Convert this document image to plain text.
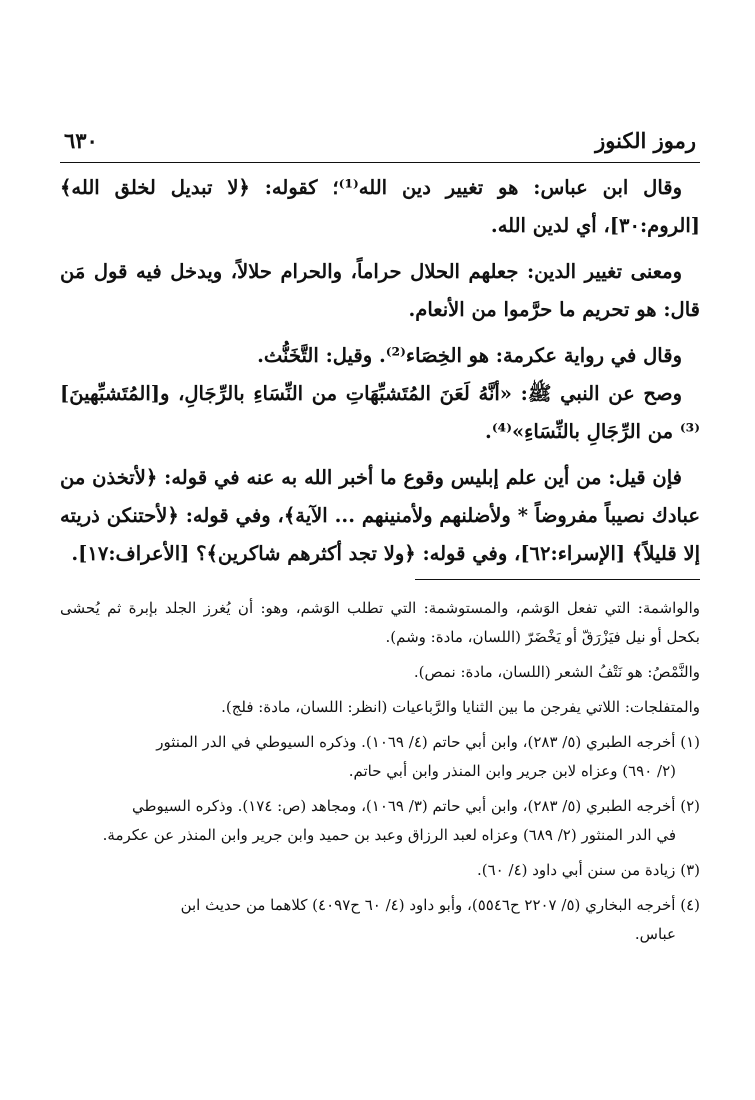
رموز الكنوز
٦٣٠

وقال ابن عباس: هو تغيير دين الله⁽¹⁾؛ كقوله: ﴿لا تبديل لخلق الله﴾ [الروم:٣٠]، أي لدين الله.

ومعنى تغيير الدين: جعلهم الحلال حراماً، والحرام حلالاً، ويدخل فيه قول مَن قال: هو تحريم ما حرَّموا من الأنعام.

وقال في رواية عكرمة: هو الخِصَاء⁽²⁾. وقيل: التَّخَنُّث.

وصح عن النبي ﷺ: «أنَّهُ لَعَنَ المُتَشبِّهَاتِ من النِّسَاءِ بالرِّجَالِ، و[المُتَشبِّهينَ]⁽³⁾ من الرِّجَالِ بالنِّسَاءِ»⁽⁴⁾.

فإن قيل: من أين علم إبليس وقوع ما أخبر الله به عنه في قوله: ﴿لأتخذن من عبادك نصيباً مفروضاً * ولأضلنهم ولأمنينهم ... الآية﴾، وفي قوله: ﴿لأحتنكن ذريته إلا قليلاً﴾ [الإسراء:٦٢]، وفي قوله: ﴿ولا تجد أكثرهم شاكرين﴾؟ [الأعراف:١٧].

والواشمة: التي تفعل الوَشم، والمستوشمة: التي تطلب الوَشم، وهو: أن يُغرز الجلد بإبرة ثم يُحشى بكحل أو نيل فيَزْرَقّ أو يَخْضَرّ (اللسان، مادة: وشم).

والنَّمْصُ: هو نَتْفُ الشعر (اللسان، مادة: نمص).

والمتفلجات: اللاتي يفرجن ما بين الثنايا والرَّباعيات (انظر: اللسان، مادة: فلج).

(١) أخرجه الطبري (٥/ ٢٨٣)، وابن أبي حاتم (٤/ ١٠٦٩). وذكره السيوطي في الدر المنثور
(٢/ ٦٩٠) وعزاه لابن جرير وابن المنذر وابن أبي حاتم.

(٢) أخرجه الطبري (٥/ ٢٨٣)، وابن أبي حاتم (٣/ ١٠٦٩)، ومجاهد (ص: ١٧٤). وذكره السيوطي
في الدر المنثور (٢/ ٦٨٩) وعزاه لعبد الرزاق وعبد بن حميد وابن جرير وابن المنذر عن عكرمة.

(٣) زيادة من سنن أبي داود (٤/ ٦٠).

(٤) أخرجه البخاري (٥/ ٢٢٠٧ ح٥٥٤٦)، وأبو داود (٤/ ٦٠ ح٤٠٩٧) كلاهما من حديث ابن
عباس.
